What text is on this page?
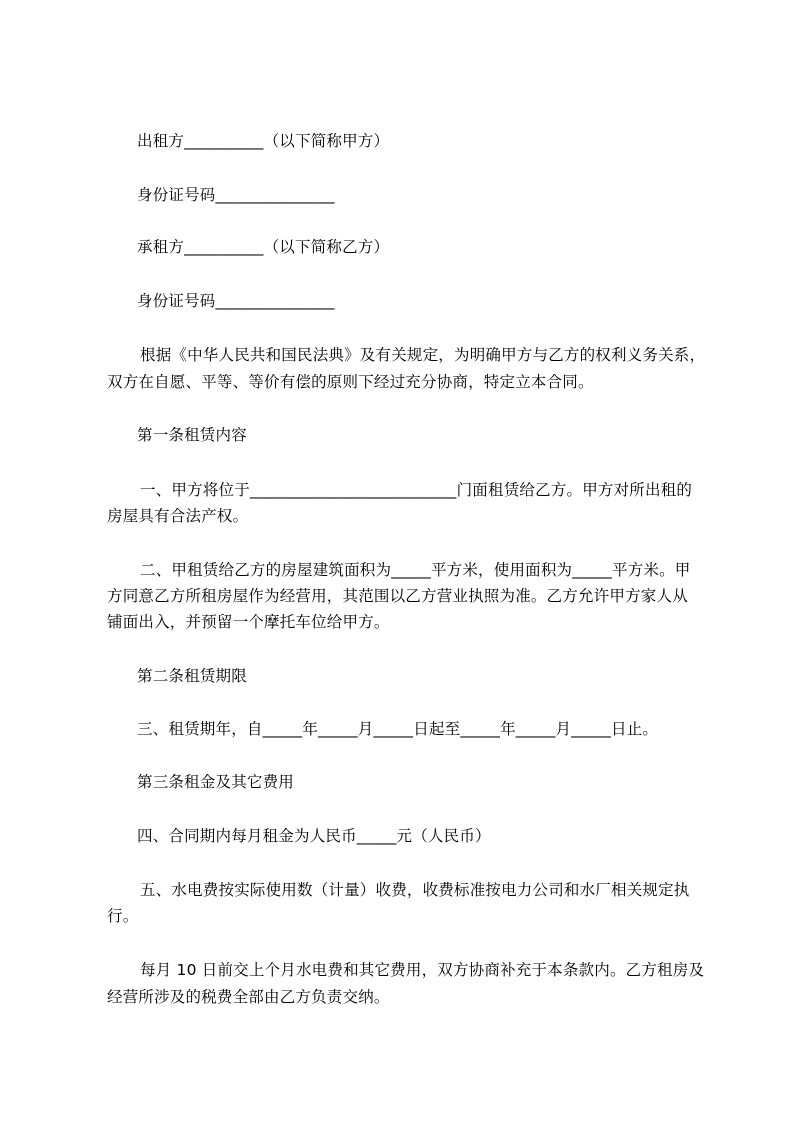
出租方__________（以下简称甲方）
身份证号码_______________
承租方__________（以下简称乙方）
身份证号码_______________
根据《中华人民共和国民法典》及有关规定，为明确甲方与乙方的权利义务关系，
双方在自愿、平等、等价有偿的原则下经过充分协商，特定立本合同。
第一条租赁内容
一、甲方将位于__________________________门面租赁给乙方。甲方对所出租的
房屋具有合法产权。
二、甲租赁给乙方的房屋建筑面积为_____平方米，使用面积为_____平方米。甲
方同意乙方所租房屋作为经营用，其范围以乙方营业执照为准。乙方允许甲方家人从
铺面出入，并预留一个摩托车位给甲方。
第二条租赁期限
三、租赁期年，自_____年_____月_____日起至_____年_____月_____日止。
第三条租金及其它费用
四、合同期内每月租金为人民币_____元（人民币）
五、水电费按实际使用数（计量）收费，收费标准按电力公司和水厂相关规定执
行。
每月 10 日前交上个月水电费和其它费用，双方协商补充于本条款内。乙方租房及
经营所涉及的税费全部由乙方负责交纳。
